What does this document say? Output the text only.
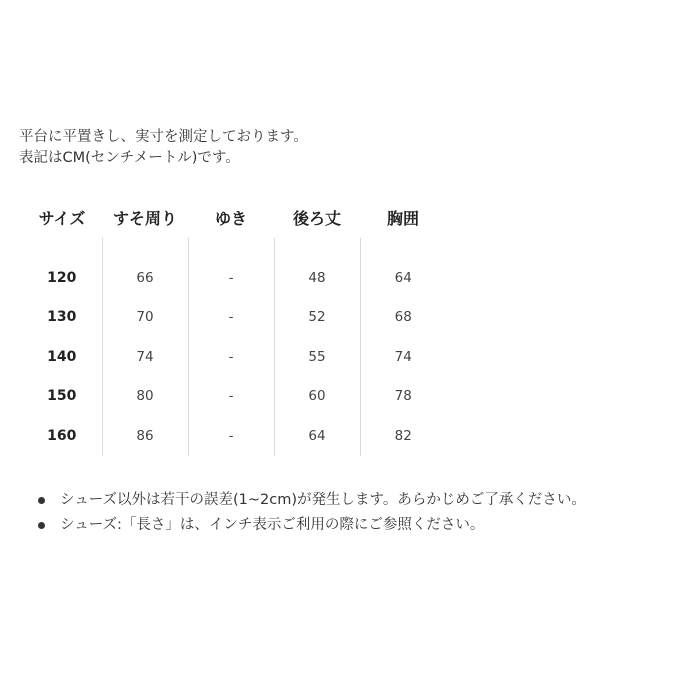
平台に平置きし、実寸を測定しております。
表記はCM(センチメートル)です。
サイズ	すそ周り	ゆき	後ろ丈	胸囲

120	66	-	48	64
130	70	-	52	68
140	74	-	55	74
150	80	-	60	78
160	86	-	64	82
シューズ以外は若干の誤差(1~2cm)が発生します。あらかじめご了承ください。
シューズ:「長さ」は、インチ表示ご利用の際にご参照ください。
